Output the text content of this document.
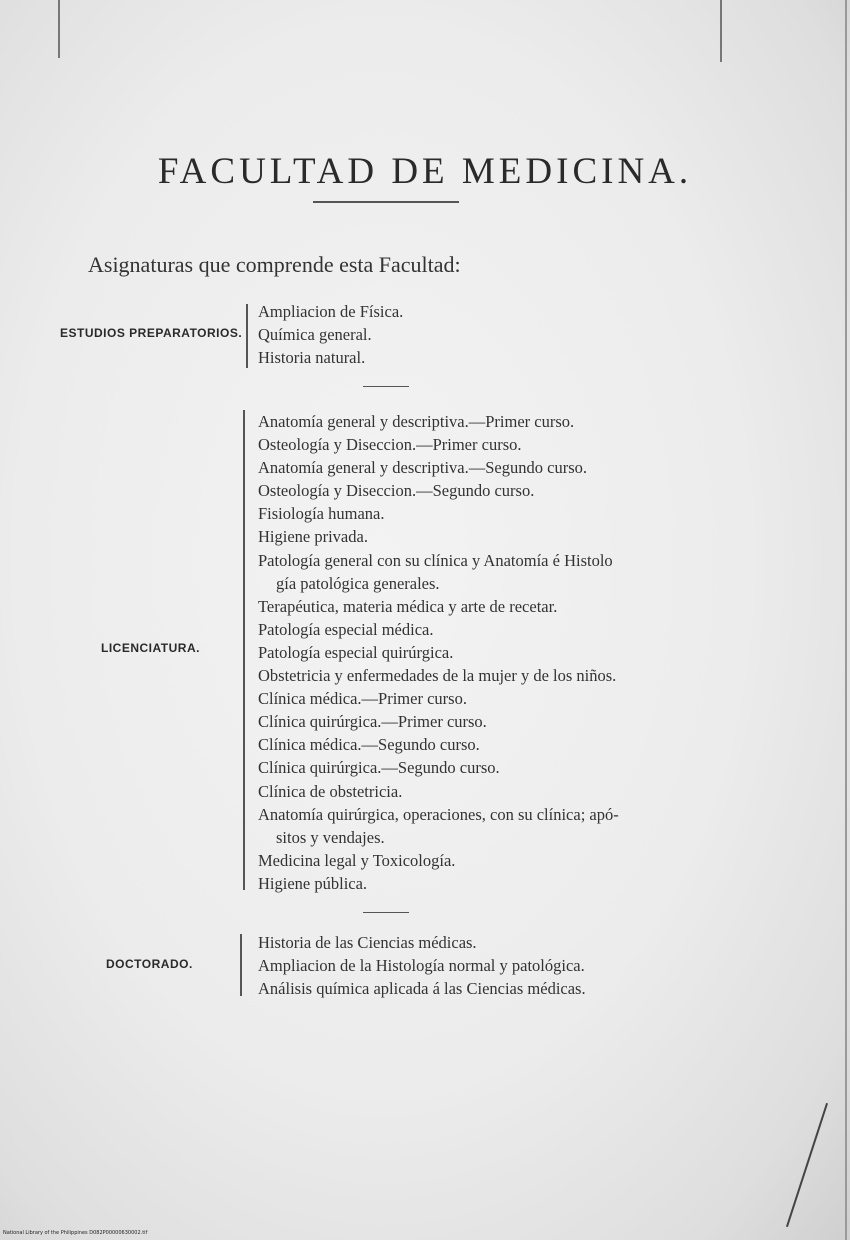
FACULTAD DE MEDICINA.
Asignaturas que comprende esta Facultad:
ESTUDIOS PREPARATORIOS.
Ampliacion de Física.
Química general.
Historia natural.
LICENCIATURA.
Anatomía general y descriptiva.—Primer curso.
Osteología y Diseccion.—Primer curso.
Anatomía general y descriptiva.—Segundo curso.
Osteología y Diseccion.—Segundo curso.
Fisiología humana.
Higiene privada.
Patología general con su clínica y Anatomía é Histolo
gía patológica generales.
Terapéutica, materia médica y arte de recetar.
Patología especial médica.
Patología especial quirúrgica.
Obstetricia y enfermedades de la mujer y de los niños.
Clínica médica.—Primer curso.
Clínica quirúrgica.—Primer curso.
Clínica médica.—Segundo curso.
Clínica quirúrgica.—Segundo curso.
Clínica de obstetricia.
Anatomía quirúrgica, operaciones, con su clínica; apó-
sitos y vendajes.
Medicina legal y Toxicología.
Higiene pública.
DOCTORADO.
Historia de las Ciencias médicas.
Ampliacion de la Histología normal y patológica.
Análisis química aplicada á las Ciencias médicas.
National Library of the Philippines D082P00000630002.tif
